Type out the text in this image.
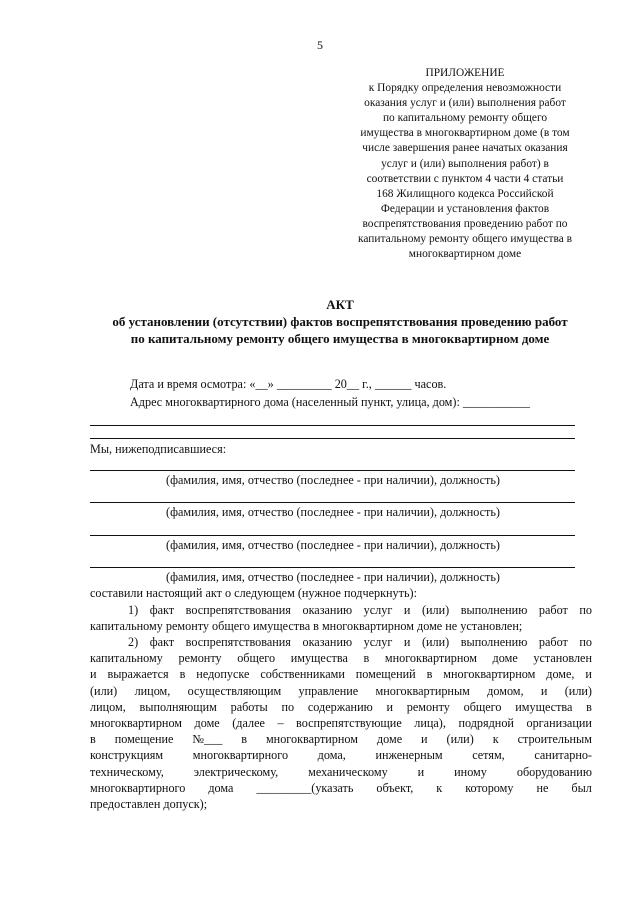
5
ПРИЛОЖЕНИЕ
к Порядку определения невозможности
оказания услуг и (или) выполнения работ
по капитальному ремонту общего
имущества в многоквартирном доме (в том
числе завершения ранее начатых оказания
услуг и (или) выполнения работ) в
соответствии с пунктом 4 части 4 статьи
168 Жилищного кодекса Российской
Федерации и установления фактов
воспрепятствования проведению работ по
капитальному ремонту общего имущества в
многоквартирном доме
АКТ
об установлении (отсутствии) фактов воспрепятствования проведению работ
по капитальному ремонту общего имущества в многоквартирном доме
Дата и время осмотра: «__» _________ 20__ г., ______ часов.
Адрес многоквартирного дома (населенный пункт, улица, дом): ___________
Мы, нижеподписавшиеся:
(фамилия, имя, отчество (последнее - при наличии), должность)
(фамилия, имя, отчество (последнее - при наличии), должность)
(фамилия, имя, отчество (последнее - при наличии), должность)
(фамилия, имя, отчество (последнее - при наличии), должность)
составили настоящий акт о следующем (нужное подчеркнуть):
1) факт воспрепятствования оказанию услуг и (или) выполнению работ по
капитальному ремонту общего имущества в многоквартирном доме не установлен;
2) факт воспрепятствования оказанию услуг и (или) выполнению работ по
капитальному ремонту общего имущества в многоквартирном доме установлен
и выражается в недопуске собственниками помещений в многоквартирном доме, и
(или) лицом, осуществляющим управление многоквартирным домом, и (или)
лицом, выполняющим работы по содержанию и ремонту общего имущества в
многоквартирном доме (далее – воспрепятствующие лица), подрядной организации
в помещение №___ в многоквартирном доме и (или) к строительным
конструкциям многоквартирного дома, инженерным сетям, санитарно-
техническому, электрическому, механическому и иному оборудованию
многоквартирного дома _________(указать объект, к которому не был
предоставлен допуск);
